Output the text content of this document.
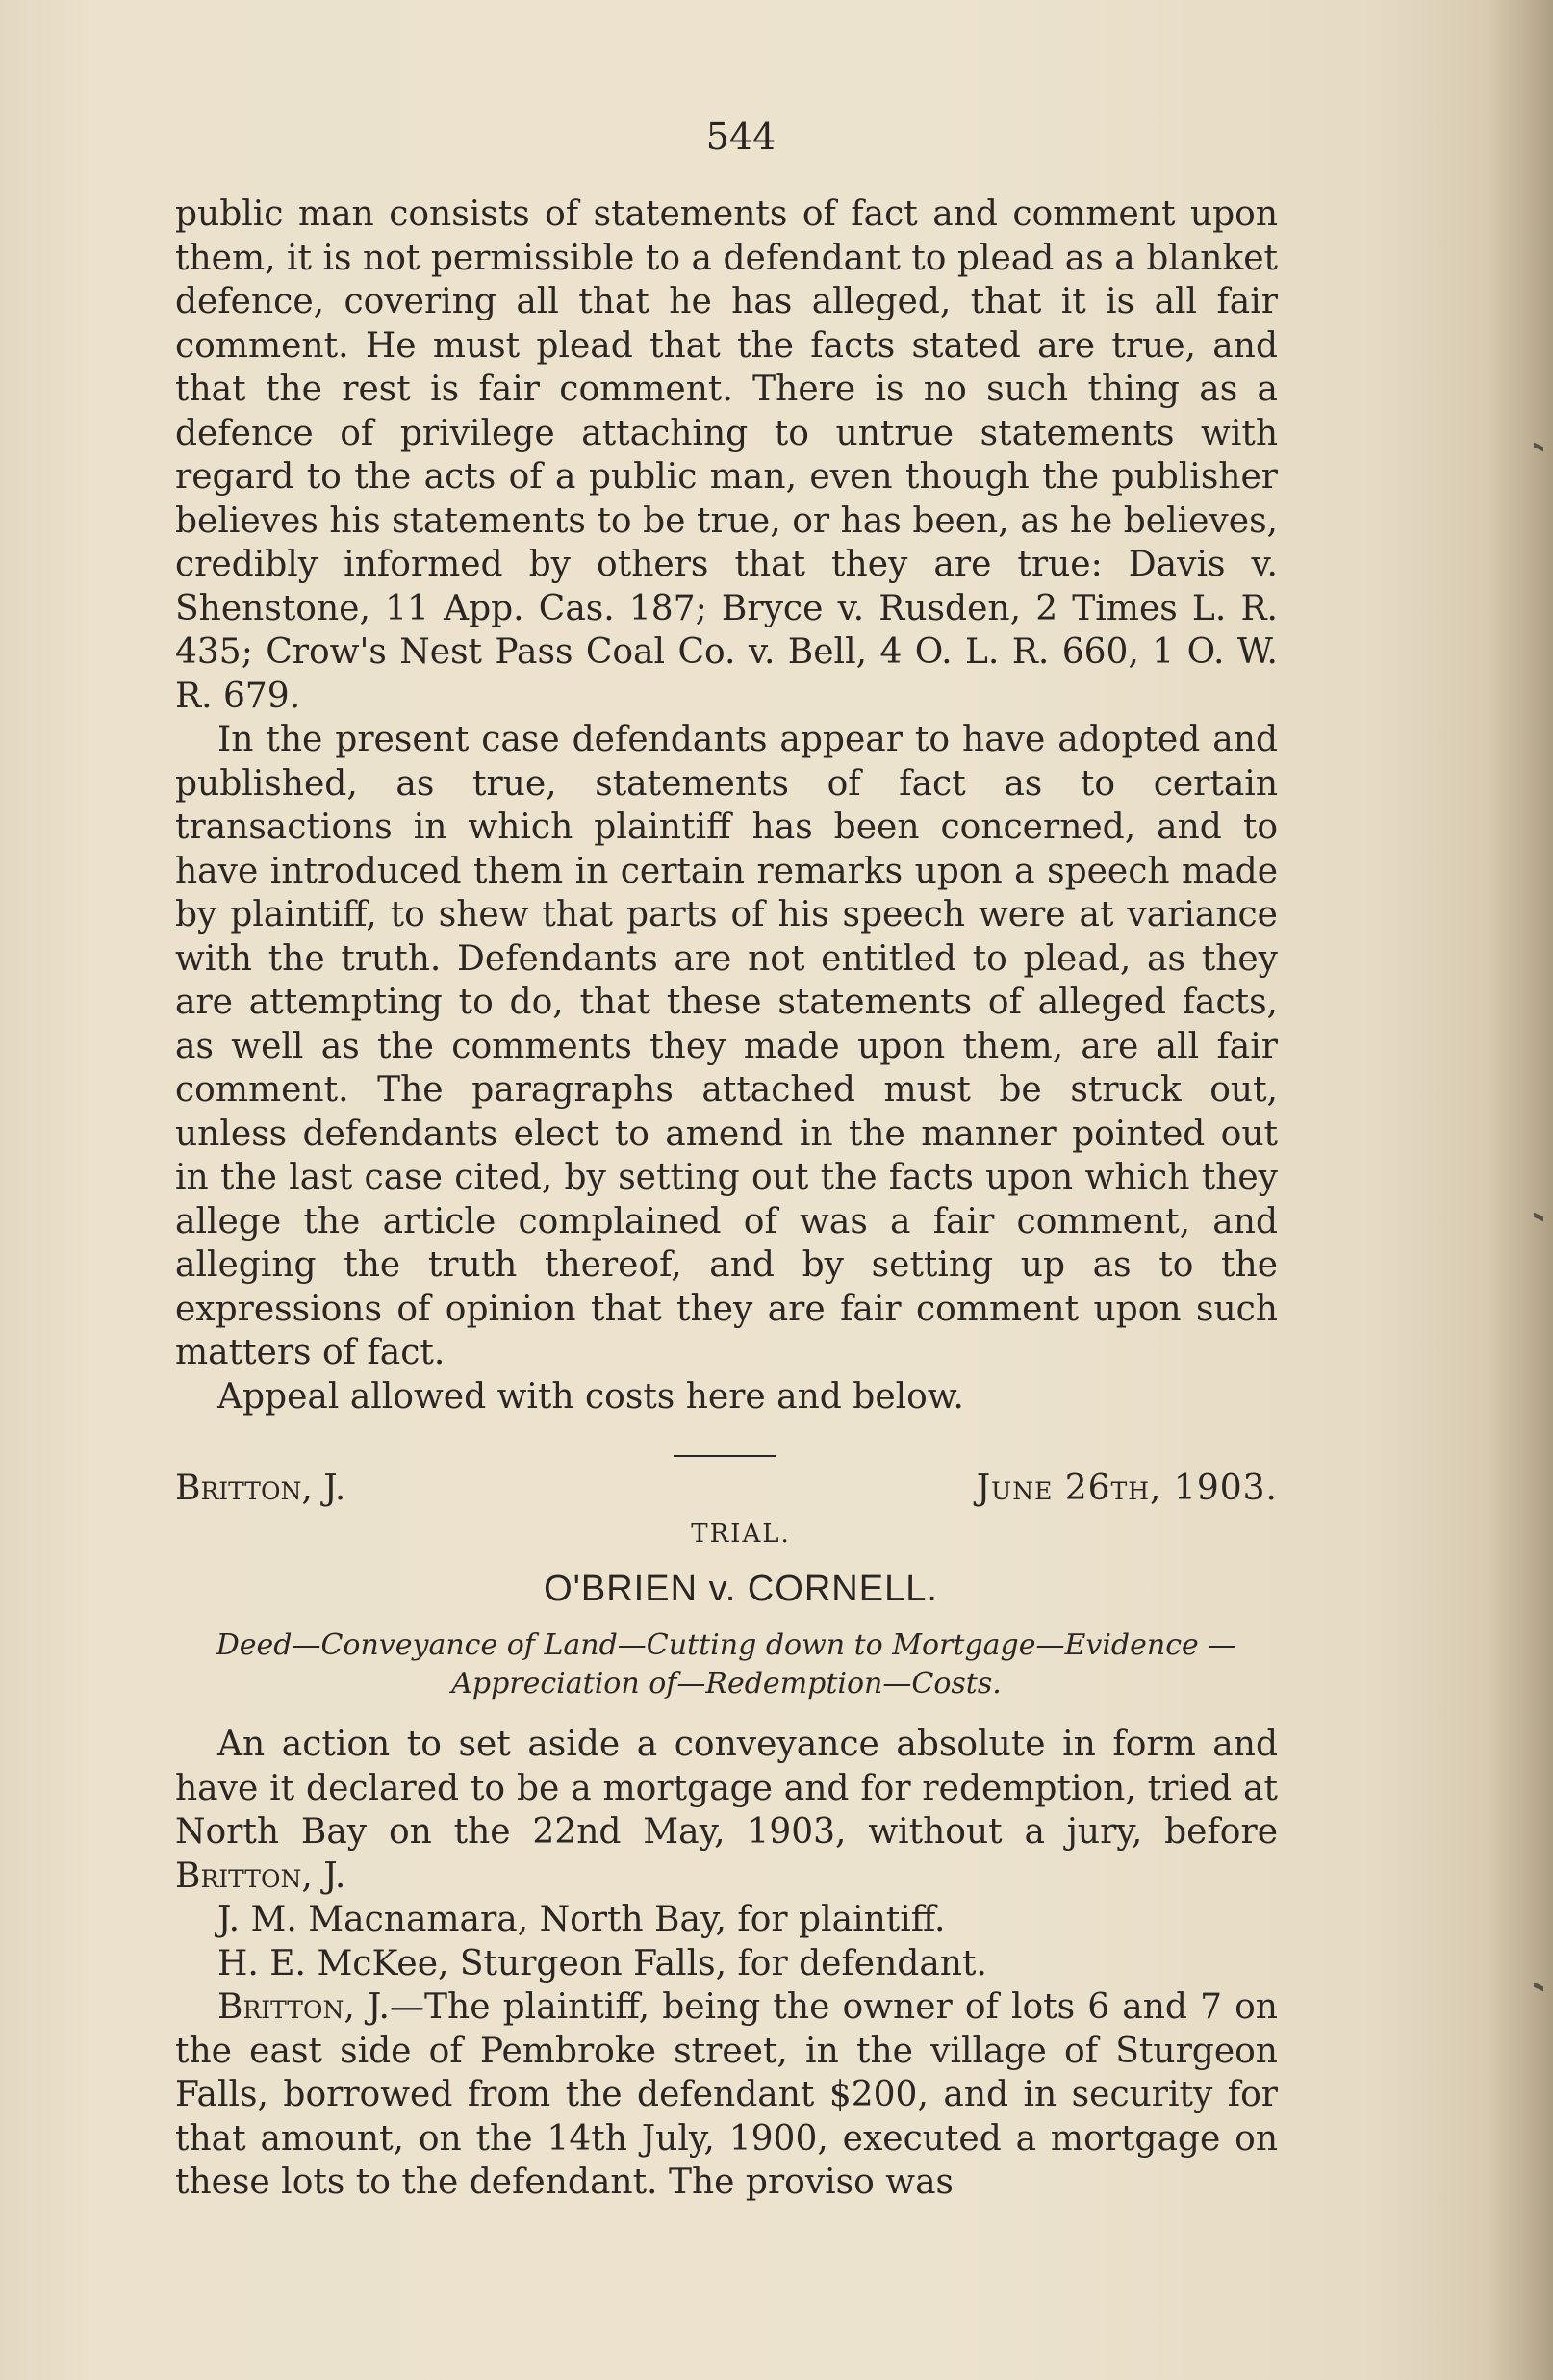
544

public man consists of statements of fact and comment upon them, it is not permissible to a defendant to plead as a blanket defence, covering all that he has alleged, that it is all fair comment. He must plead that the facts stated are true, and that the rest is fair comment. There is no such thing as a defence of privilege attaching to untrue statements with regard to the acts of a public man, even though the publisher believes his statements to be true, or has been, as he believes, credibly informed by others that they are true: Davis v. Shenstone, 11 App. Cas. 187; Bryce v. Rusden, 2 Times L. R. 435; Crow's Nest Pass Coal Co. v. Bell, 4 O. L. R. 660, 1 O. W. R. 679.

In the present case defendants appear to have adopted and published, as true, statements of fact as to certain transactions in which plaintiff has been concerned, and to have introduced them in certain remarks upon a speech made by plaintiff, to shew that parts of his speech were at variance with the truth. Defendants are not entitled to plead, as they are attempting to do, that these statements of alleged facts, as well as the comments they made upon them, are all fair comment. The paragraphs attached must be struck out, unless defendants elect to amend in the manner pointed out in the last case cited, by setting out the facts upon which they allege the article complained of was a fair comment, and alleging the truth thereof, and by setting up as to the expressions of opinion that they are fair comment upon such matters of fact.

Appeal allowed with costs here and below.

Britton, J.	June 26th, 1903.
TRIAL.
O'BRIEN v. CORNELL.
Deed—Conveyance of Land—Cutting down to Mortgage—Evidence —Appreciation of—Redemption—Costs.

An action to set aside a conveyance absolute in form and have it declared to be a mortgage and for redemption, tried at North Bay on the 22nd May, 1903, without a jury, before Britton, J.

J. M. Macnamara, North Bay, for plaintiff.

H. E. McKee, Sturgeon Falls, for defendant.

Britton, J.—The plaintiff, being the owner of lots 6 and 7 on the east side of Pembroke street, in the village of Sturgeon Falls, borrowed from the defendant $200, and in security for that amount, on the 14th July, 1900, executed a mortgage on these lots to the defendant. The proviso was
